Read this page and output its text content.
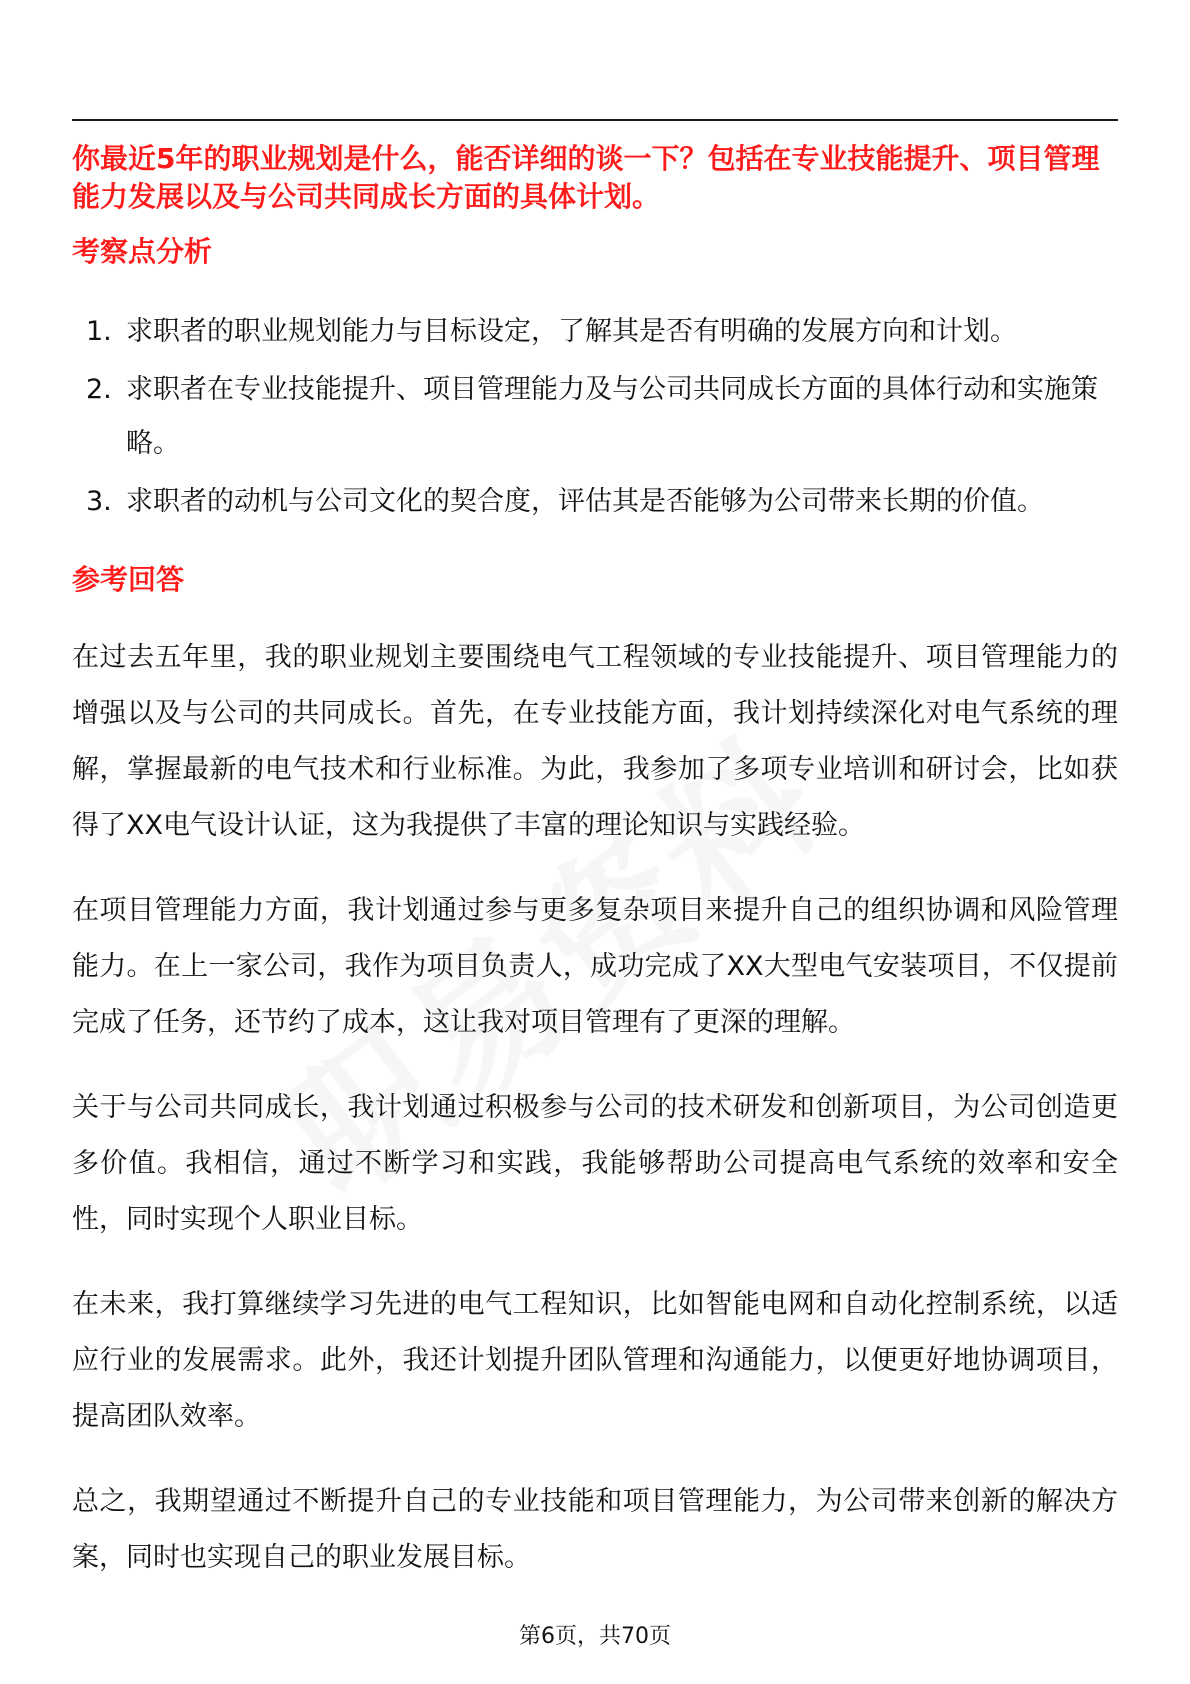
你最近5年的职业规划是什么，能否详细的谈一下？包括在专业技能提升、项目管理能力发展以及与公司共同成长方面的具体计划。
考察点分析
1. 求职者的职业规划能力与目标设定，了解其是否有明确的发展方向和计划。
2. 求职者在专业技能提升、项目管理能力及与公司共同成长方面的具体行动和实施策略。
3. 求职者的动机与公司文化的契合度，评估其是否能够为公司带来长期的价值。
参考回答

在过去五年里，我的职业规划主要围绕电气工程领域的专业技能提升、项目管理能力的增强以及与公司的共同成长。首先，在专业技能方面，我计划持续深化对电气系统的理解，掌握最新的电气技术和行业标准。为此，我参加了多项专业培训和研讨会，比如获得了XX电气设计认证，这为我提供了丰富的理论知识与实践经验。

在项目管理能力方面，我计划通过参与更多复杂项目来提升自己的组织协调和风险管理能力。在上一家公司，我作为项目负责人，成功完成了XX大型电气安装项目，不仅提前完成了任务，还节约了成本，这让我对项目管理有了更深的理解。

关于与公司共同成长，我计划通过积极参与公司的技术研发和创新项目，为公司创造更多价值。我相信，通过不断学习和实践，我能够帮助公司提高电气系统的效率和安全性，同时实现个人职业目标。

在未来，我打算继续学习先进的电气工程知识，比如智能电网和自动化控制系统，以适应行业的发展需求。此外，我还计划提升团队管理和沟通能力，以便更好地协调项目，提高团队效率。

总之，我期望通过不断提升自己的专业技能和项目管理能力，为公司带来创新的解决方案，同时也实现自己的职业发展目标。

第6页，共70页
